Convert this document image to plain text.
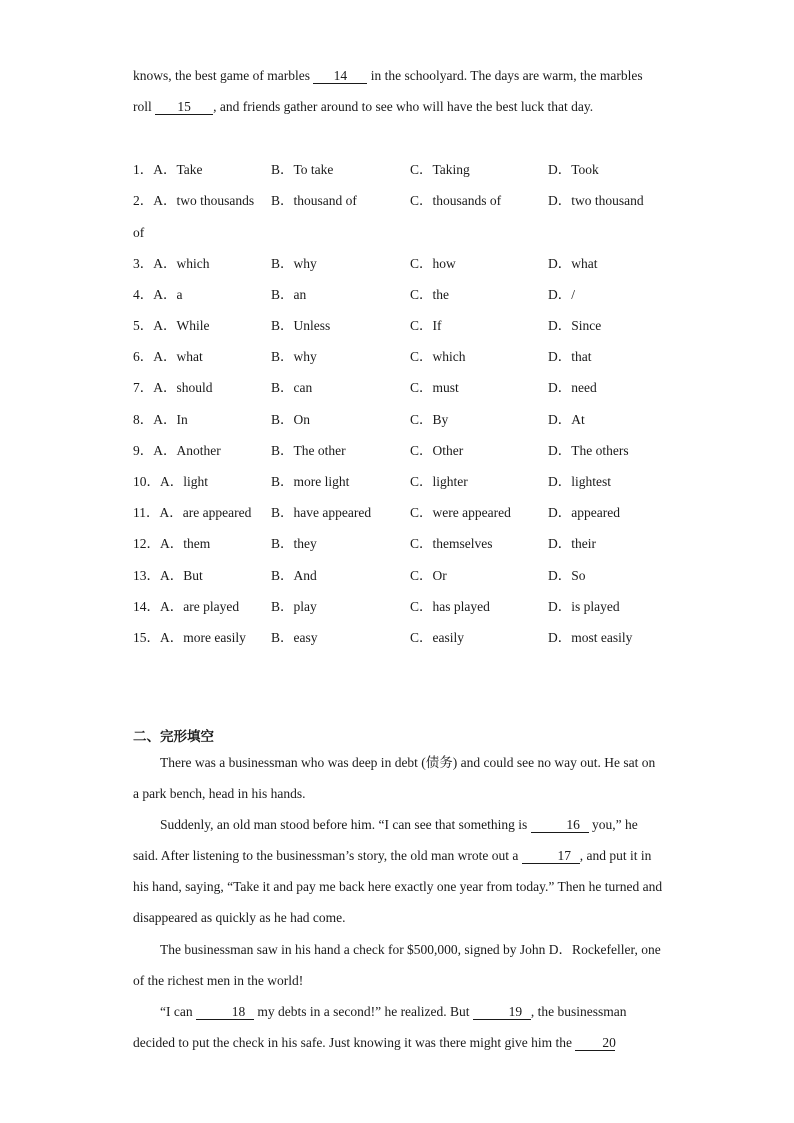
knows, the best game of marbles 14 in the schoolyard. The days are warm, the marbles roll 15 , and friends gather around to see who will have the best luck that day.

1．A．Take	B．To take	C．Taking	D．Took
2．A．two thousands B．thousand of	C．thousands of	D．two thousand
3．A．which	B．why	C．how	D．what
4．A．a	B．an	C．the	D．/
5．A．While	B．Unless	C．If	D．Since
6．A．what	B．why	C．which	D．that
7．A．should	B．can	C．must	D．need
8．A．In	B．On	C．By	D．At
9．A．Another	B．The other	C．Other	D．The others
10．A．light	B．more light	C．lighter	D．lightest
11．A．are appeared B．have appeared	C．were appeared	D．appeared
12．A．them	B．they	C．themselves	D．their
13．A．But	B．And	C．Or	D．So
14．A．are played B．play	C．has played	D．is played
15．A．more easily B．easy	C．easily	D．most easily
of
二、完形填空

There was a businessman who was deep in debt (债务) and could see no way out. He sat on a park bench, head in his hands.

Suddenly, an old man stood before him. “I can see that something is	16 you,” he said. After listening to the businessman’s story, the old man wrote out a	17 , and put it in his hand, saying, “Take it and pay me back here exactly one year from today.” Then he turned and disappeared as quickly as he had come.

The businessman saw in his hand a check for $500,000, signed by John D．Rockefeller, one of the richest men in the world!

“I can	18 my debts in a second!” he realized. But	19 , the businessman decided to put the check in his safe. Just knowing it was there might give him the 20
